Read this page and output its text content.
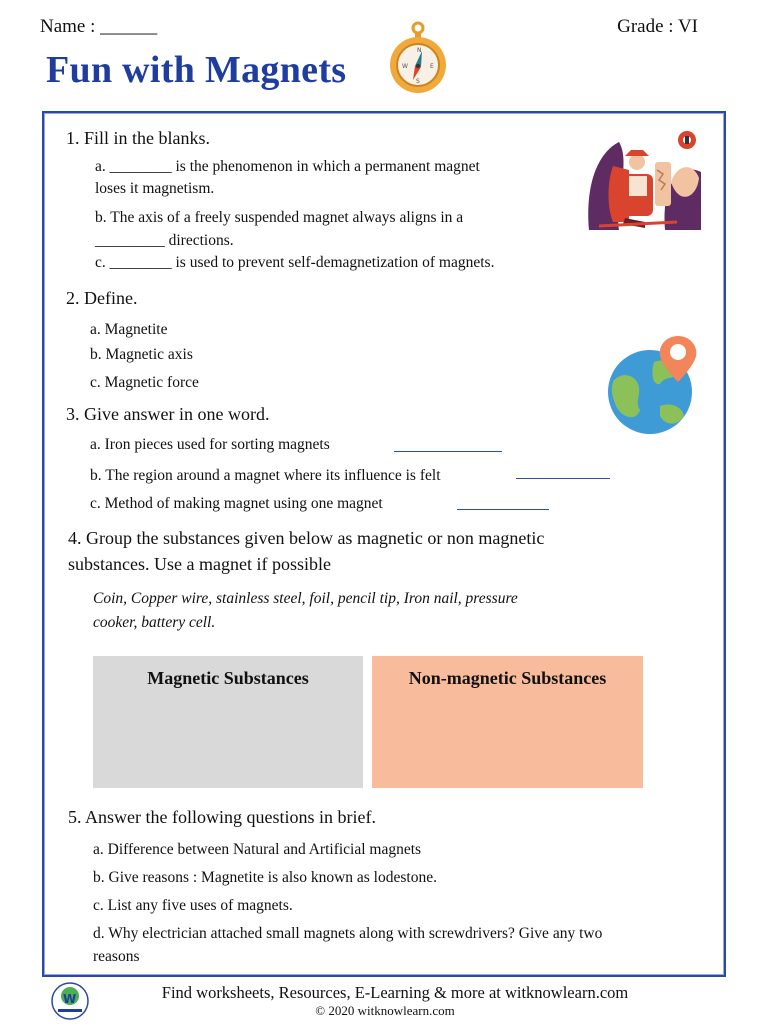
Name : ______	Grade : VI
Fun with Magnets	N
E
S
W
1. Fill in the blanks.
a. ________ is the phenomenon in which a permanent magnet
loses it magnetism.
b. The axis of a freely suspended magnet always aligns in a
_________ directions.
c. ________ is used to prevent self-demagnetization of magnets.
2. Define.
a. Magnetite
b. Magnetic axis
c. Magnetic force
3. Give answer in one word.
a. Iron pieces used for sorting magnets
b. The region around a magnet where its influence is felt
c. Method of making magnet using one magnet
4. Group the substances given below as magnetic or non magnetic
substances. Use a magnet if possible
Coin, Copper wire, stainless steel, foil, pencil tip, Iron nail, pressure
cooker, battery cell.
Magnetic Substances	Non-magnetic Substances
5. Answer the following questions in brief.
a. Difference between Natural and Artificial magnets
b. Give reasons : Magnetite is also known as lodestone.
c. List any five uses of magnets.
d. Why electrician attached small magnets along with screwdrivers? Give any two
reasons
W	Find worksheets, Resources, E-Learning & more at witknowlearn.com
© 2020 witknowlearn.com
